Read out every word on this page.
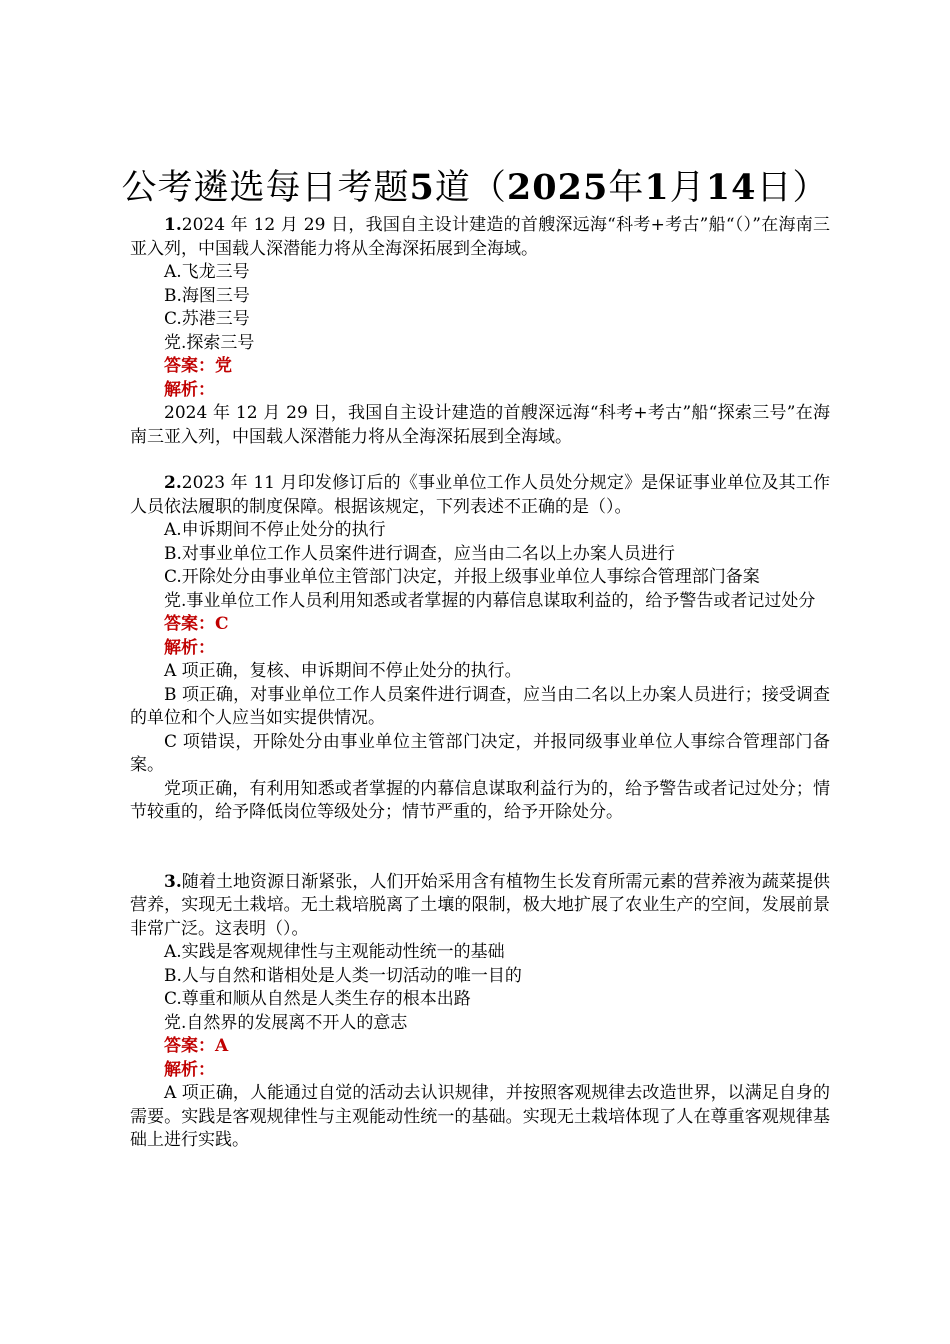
公考遴选每日考题5道（2025年1月14日）

1.2024 年 12 月 29 日，我国自主设计建造的首艘深远海“科考+考古”船“（）”在海南三亚入列，中国载人深潜能力将从全海深拓展到全海域。

A.飞龙三号

B.海图三号

C.苏港三号

党.探索三号

答案：党

解析：

2024 年 12 月 29 日，我国自主设计建造的首艘深远海“科考+考古”船“探索三号”在海南三亚入列，中国载人深潜能力将从全海深拓展到全海域。

2.2023 年 11 月印发修订后的《事业单位工作人员处分规定》是保证事业单位及其工作人员依法履职的制度保障。根据该规定，下列表述不正确的是（）。

A.申诉期间不停止处分的执行

B.对事业单位工作人员案件进行调查，应当由二名以上办案人员进行

C.开除处分由事业单位主管部门决定，并报上级事业单位人事综合管理部门备案

党.事业单位工作人员利用知悉或者掌握的内幕信息谋取利益的，给予警告或者记过处分

答案：C

解析：

A 项正确，复核、申诉期间不停止处分的执行。

B 项正确，对事业单位工作人员案件进行调查，应当由二名以上办案人员进行；接受调查的单位和个人应当如实提供情况。

C 项错误，开除处分由事业单位主管部门决定，并报同级事业单位人事综合管理部门备案。

党项正确，有利用知悉或者掌握的内幕信息谋取利益行为的，给予警告或者记过处分；情节较重的，给予降低岗位等级处分；情节严重的，给予开除处分。

3.随着土地资源日渐紧张，人们开始采用含有植物生长发育所需元素的营养液为蔬菜提供营养，实现无土栽培。无土栽培脱离了土壤的限制，极大地扩展了农业生产的空间，发展前景非常广泛。这表明（）。

A.实践是客观规律性与主观能动性统一的基础

B.人与自然和谐相处是人类一切活动的唯一目的

C.尊重和顺从自然是人类生存的根本出路

党.自然界的发展离不开人的意志

答案：A

解析：

A 项正确，人能通过自觉的活动去认识规律，并按照客观规律去改造世界，以满足自身的需要。实践是客观规律性与主观能动性统一的基础。实现无土栽培体现了人在尊重客观规律基础上进行实践。
